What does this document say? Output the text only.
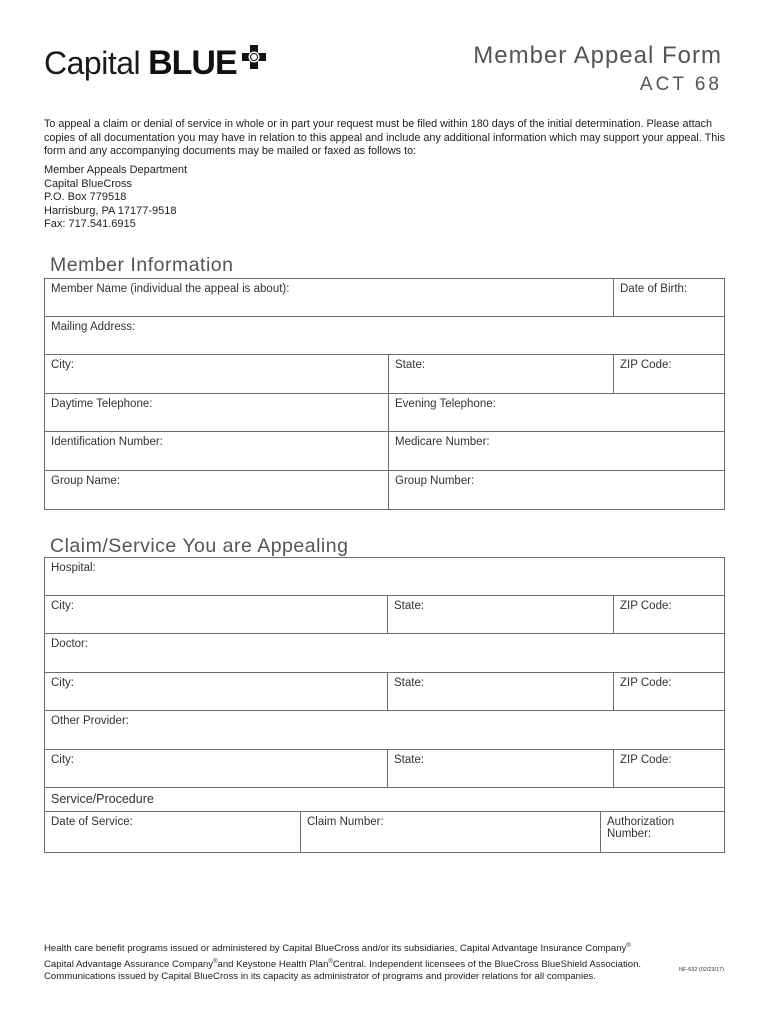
Capital BLUE	Member Appeal Form
ACT 68
To appeal a claim or denial of service in whole or in part your request must be filed within 180 days of the initial determination. Please attach copies of all documentation you may have in relation to this appeal and include any additional information which may support your appeal. This form and any accompanying documents may be mailed or faxed as follows to:
Member Appeals Department
Capital BlueCross
P.O. Box 779518
Harrisburg, PA 17177-9518
Fax: 717.541.6915
Member Information
Member Name (individual the appeal is about):		Date of Birth:
Mailing Address:		
City:	State:	ZIP Code:
Daytime Telephone:	Evening Telephone:	
Identification Number:	Medicare Number:	
Group Name:	Group Number:	
Claim/Service You are Appealing
Hospital:				
City:		State:		ZIP Code:
Doctor:				
City:		State:		ZIP Code:
Other Provider:				
City:		State:		ZIP Code:
Service/Procedure				
Date of Service:	Claim Number:		Authorization Number:	
Health care benefit programs issued or administered by Capital BlueCross and/or its subsidiaries, Capital Advantage Insurance Company®
Capital Advantage Assurance Company®and Keystone Health Plan®Central. Independent licensees of the BlueCross BlueShield Association.
Communications issued by Capital BlueCross in its capacity as administrator of programs and provider relations for all companies.
NF-632 (02/23/17)
